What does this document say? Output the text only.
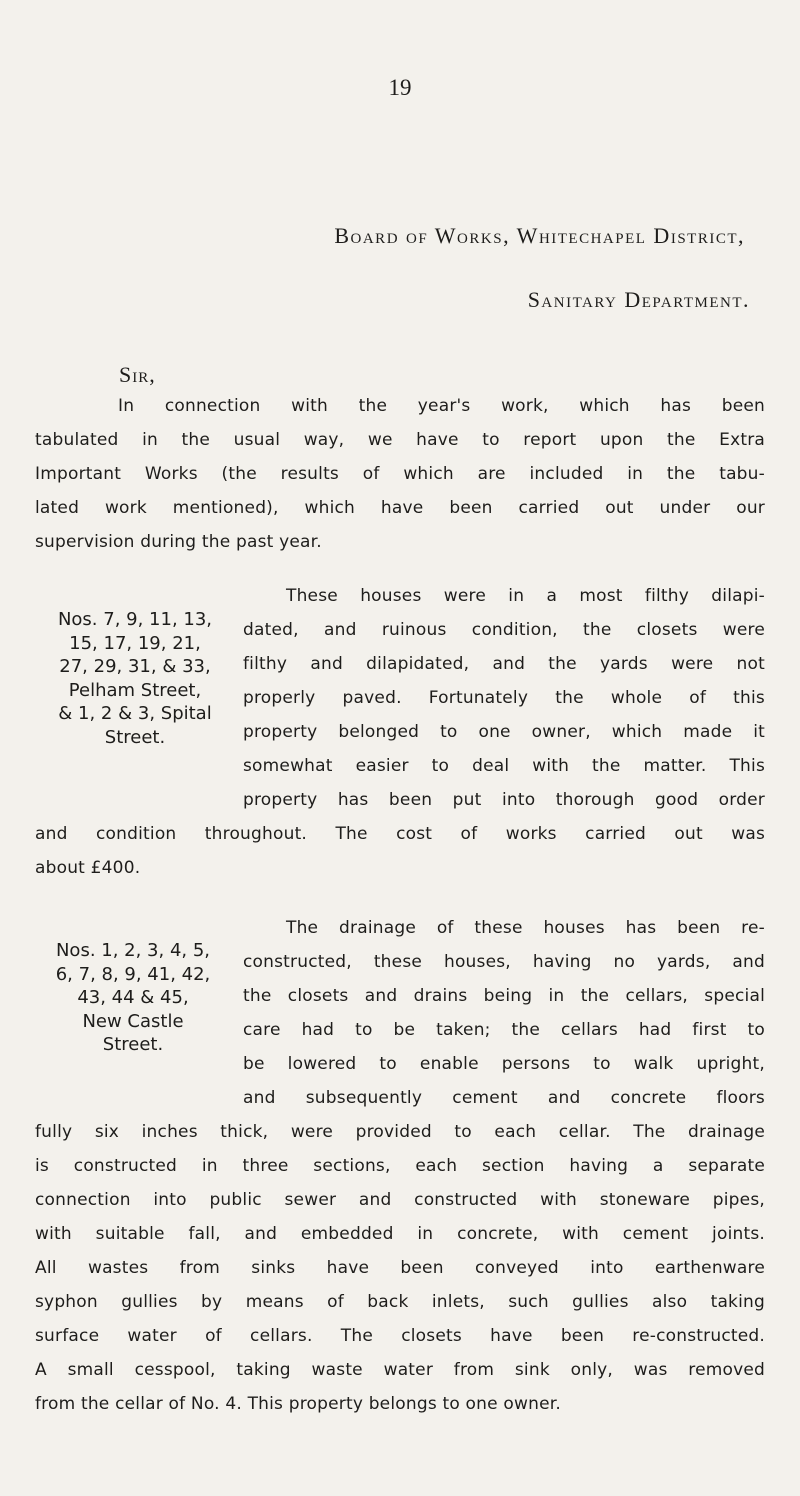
19
Board of Works, Whitechapel District,
Sanitary Department.
Sir,
In connection with the year's work, which has been
tabulated in the usual way, we have to report upon the Extra
Important Works (the results of which are included in the tabu-
lated work mentioned), which have been carried out under our
supervision during the past year.
Nos. 7, 9, 11, 13,
15, 17, 19, 21,
27, 29, 31, & 33,
Pelham Street,
& 1, 2 & 3, Spital
Street.
These houses were in a most filthy dilapi-
dated, and ruinous condition, the closets were
filthy and dilapidated, and the yards were not
properly paved. Fortunately the whole of this
property belonged to one owner, which made it
somewhat easier to deal with the matter. This
property has been put into thorough good order
and condition throughout. The cost of works carried out was
about £400.
Nos. 1, 2, 3, 4, 5,
6, 7, 8, 9, 41, 42,
43, 44 & 45,
New Castle
Street.
The drainage of these houses has been re-
constructed, these houses, having no yards, and
the closets and drains being in the cellars, special
care had to be taken; the cellars had first to
be lowered to enable persons to walk upright,
and subsequently cement and concrete floors
fully six inches thick, were provided to each cellar. The drainage
is constructed in three sections, each section having a separate
connection into public sewer and constructed with stoneware pipes,
with suitable fall, and embedded in concrete, with cement joints.
All wastes from sinks have been conveyed into earthenware
syphon gullies by means of back inlets, such gullies also taking
surface water of cellars. The closets have been re-constructed.
A small cesspool, taking waste water from sink only, was removed
from the cellar of No. 4. This property belongs to one owner.
